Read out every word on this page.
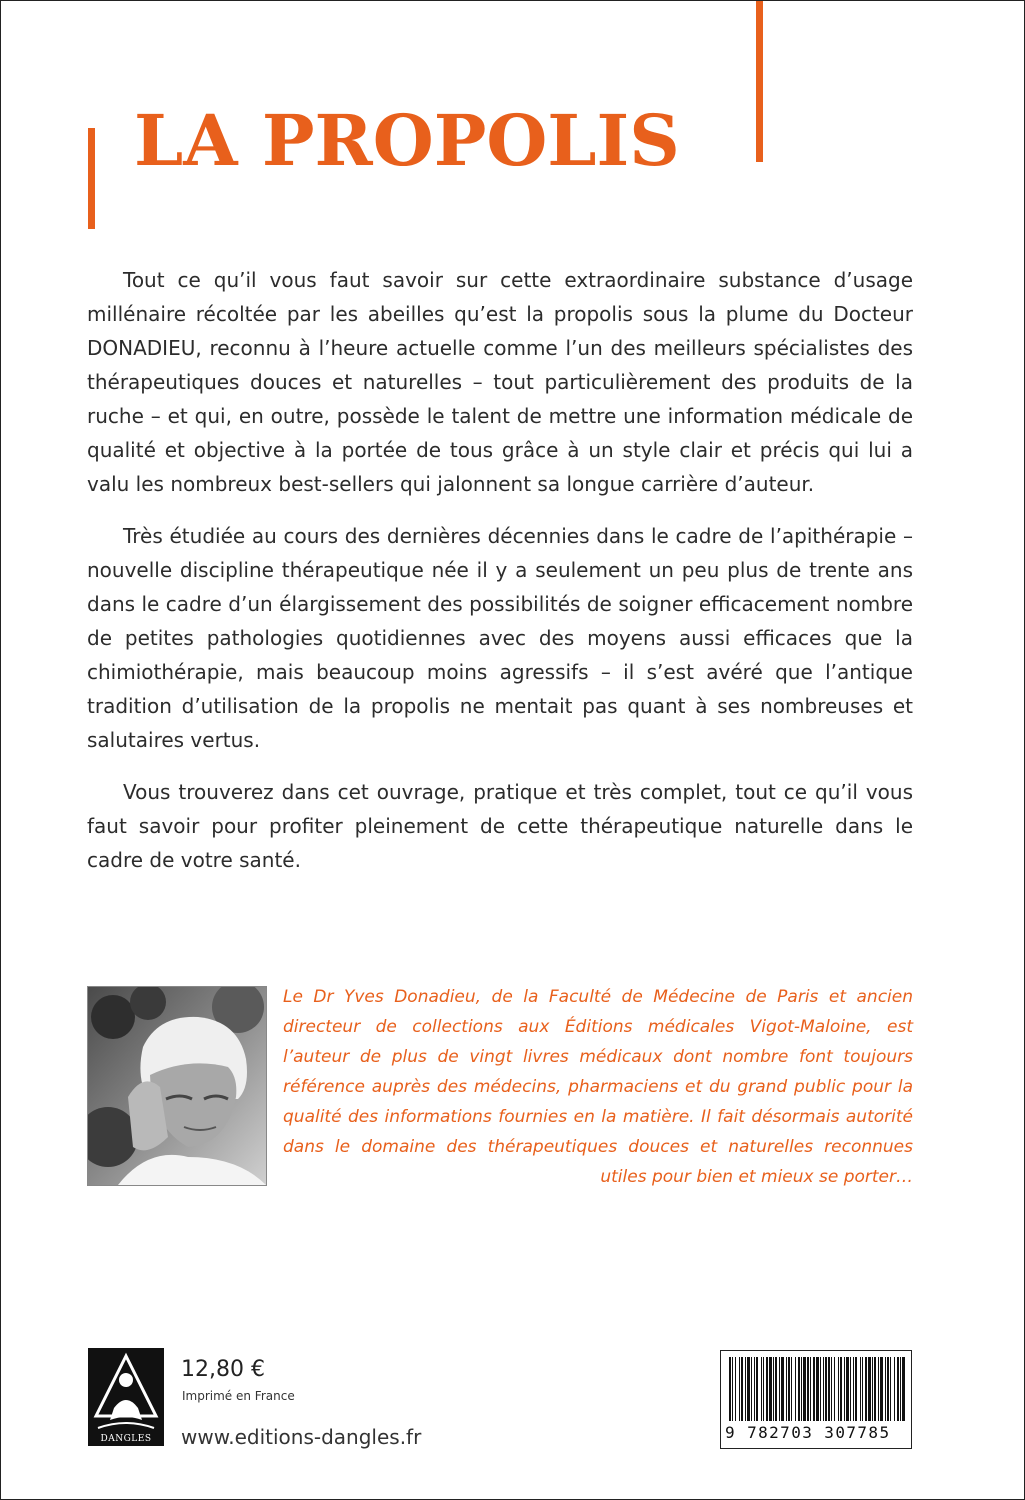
LA PROPOLIS

Tout ce qu’il vous faut savoir sur cette extraordinaire substance d’usage millénaire récoltée par les abeilles qu’est la propolis sous la plume du Docteur DONADIEU, reconnu à l’heure actuelle comme l’un des meilleurs spécialistes des thérapeutiques douces et naturelles – tout particulièrement des produits de la ruche – et qui, en outre, possède le talent de mettre une information médicale de qualité et objective à la portée de tous grâce à un style clair et précis qui lui a valu les nombreux best-sellers qui jalonnent sa longue carrière d’auteur.

Très étudiée au cours des dernières décennies dans le cadre de l’apithérapie – nouvelle discipline thérapeutique née il y a seulement un peu plus de trente ans dans le cadre d’un élargissement des possibilités de soigner efficacement nombre de petites pathologies quotidiennes avec des moyens aussi efficaces que la chimiothérapie, mais beaucoup moins agressifs – il s’est avéré que l’antique tradition d’utilisation de la propolis ne mentait pas quant à ses nombreuses et salutaires vertus.

Vous trouverez dans cet ouvrage, pratique et très complet, tout ce qu’il vous faut savoir pour profiter pleinement de cette thérapeutique naturelle dans le cadre de votre santé.

Le Dr Yves Donadieu, de la Faculté de Médecine de Paris et ancien directeur de collections aux Éditions médicales Vigot-Maloine, est l’auteur de plus de vingt livres médicaux dont nombre font toujours référence auprès des médecins, pharmaciens et du grand public pour la qualité des informations fournies en la matière. Il fait désormais autorité dans le domaine des thérapeutiques douces et naturelles reconnues utiles pour bien et mieux se porter…

DANGLES

12,80 €

Imprimé en France

www.editions-dangles.fr	9 782703 307785
